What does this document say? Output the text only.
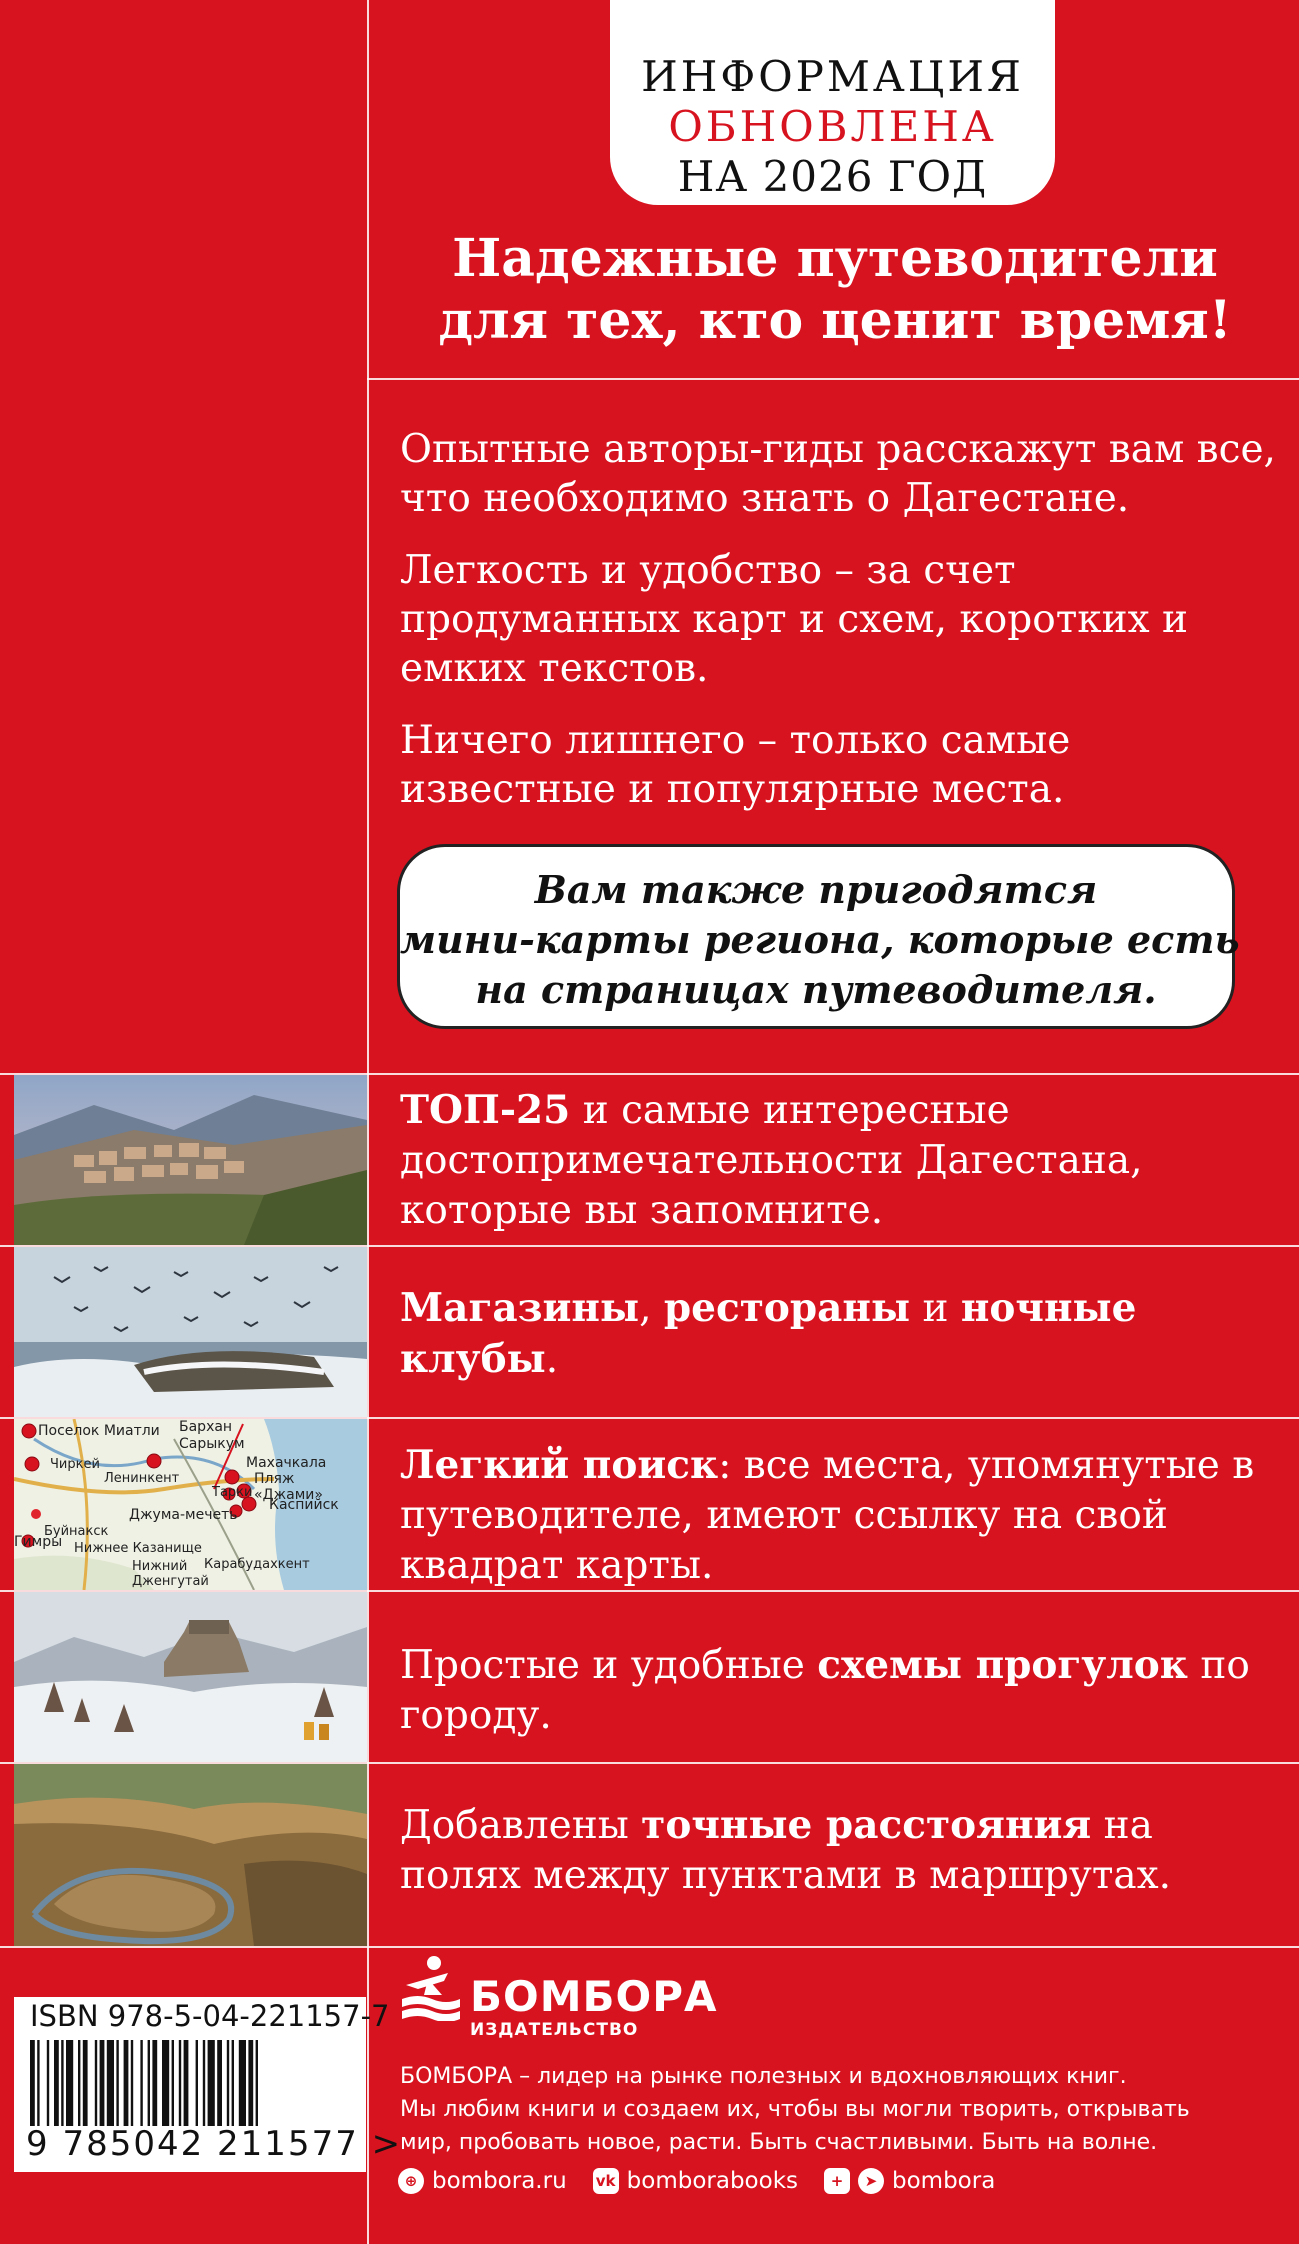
ИНФОРМАЦИЯ
ОБНОВЛЕНА
НА 2026 ГОД
Надежные путеводители
для тех, кто ценит время!

Опытные авторы-гиды расскажут вам все, что необходимо знать о Дагестане.

Легкость и удобство – за счет продуманных карт и схем, коротких и емких текстов.

Ничего лишнего – только самые известные и популярные места.

Вам также пригодятся
мини-карты региона, которые есть
на страницах путеводителя.
Поселок Миатли Бархан Сарыкум
Чиркей
Ленинкент
Махачкала
Пляж «Джами»
Каспийск
Тарки
Джума-мечеть
Буйнакск
Гимры Нижнее Казанище
Карабудахкент
Нижний Дженгутай
ТОП-25 и самые интересные достопримечательности Дагестана, которые вы запомните.
Магазины, рестораны и ночные клубы.
Легкий поиск: все места, упомянутые в путеводителе, имеют ссылку на свой квадрат карты.
Простые и удобные схемы прогулок по городу.
Добавлены точные расстояния на полях между пунктами в маршрутах.
ISBN 978-5-04-221157-7
9 785042 211577 >
БОМБОРА
ИЗДАТЕЛЬСТВО
БОМБОРА – лидер на рынке полезных и вдохновляющих книг.
Мы любим книги и создаем их, чтобы вы могли творить, открывать
мир, пробовать новое, расти. Быть счастливыми. Быть на волне.
⊕ bombora.ru vk bomborabooks	+	➤ bombora
